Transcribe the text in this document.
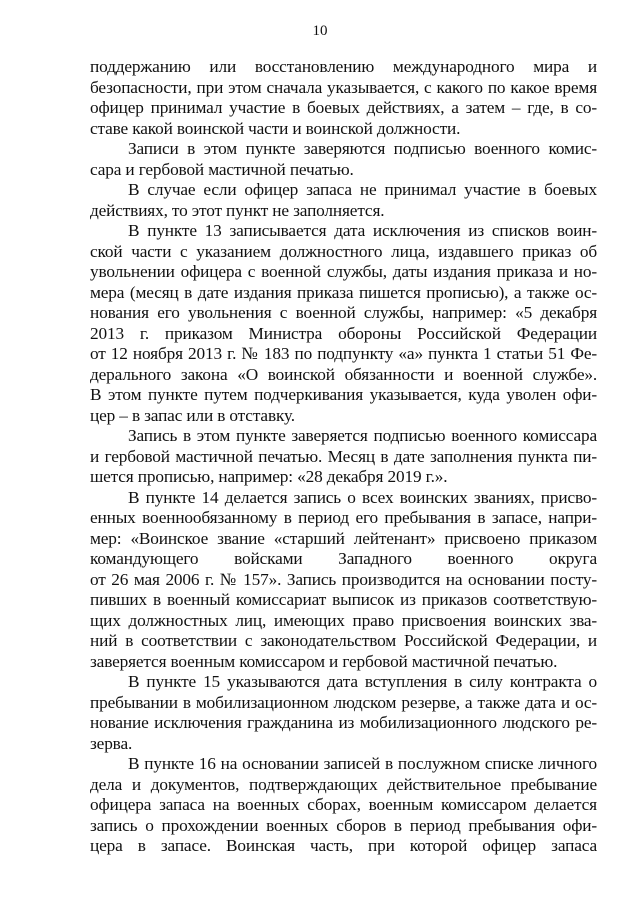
10
поддержанию или восстановлению международного мира и
безопасности, при этом сначала указывается, с какого по какое время
офицер принимал участие в боевых действиях, а затем – где, в со-
ставе какой воинской части и воинской должности.
Записи в этом пункте заверяются подписью военного комис-
сара и гербовой мастичной печатью.
В случае если офицер запаса не принимал участие в боевых
действиях, то этот пункт не заполняется.
В пункте 13 записывается дата исключения из списков воин-
ской части с указанием должностного лица, издавшего приказ об
увольнении офицера с военной службы, даты издания приказа и но-
мера (месяц в дате издания приказа пишется прописью), а также ос-
нования его увольнения с военной службы, например: «5 декабря
2013 г. приказом Министра обороны Российской Федерации
от 12 ноября 2013 г. № 183 по подпункту «а» пункта 1 статьи 51 Фе-
дерального закона «О воинской обязанности и военной службе».
В этом пункте путем подчеркивания указывается, куда уволен офи-
цер – в запас или в отставку.
Запись в этом пункте заверяется подписью военного комиссара
и гербовой мастичной печатью. Месяц в дате заполнения пункта пи-
шется прописью, например: «28 декабря 2019 г.».
В пункте 14 делается запись о всех воинских званиях, присво-
енных военнообязанному в период его пребывания в запасе, напри-
мер: «Воинское звание «старший лейтенант» присвоено приказом
командующего войсками Западного военного округа
от 26 мая 2006 г. № 157». Запись производится на основании посту-
пивших в военный комиссариат выписок из приказов соответствую-
щих должностных лиц, имеющих право присвоения воинских зва-
ний в соответствии с законодательством Российской Федерации, и
заверяется военным комиссаром и гербовой мастичной печатью.
В пункте 15 указываются дата вступления в силу контракта о
пребывании в мобилизационном людском резерве, а также дата и ос-
нование исключения гражданина из мобилизационного людского ре-
зерва.
В пункте 16 на основании записей в послужном списке личного
дела и документов, подтверждающих действительное пребывание
офицера запаса на военных сборах, военным комиссаром делается
запись о прохождении военных сборов в период пребывания офи-
цера в запасе. Воинская часть, при которой офицер запаса
